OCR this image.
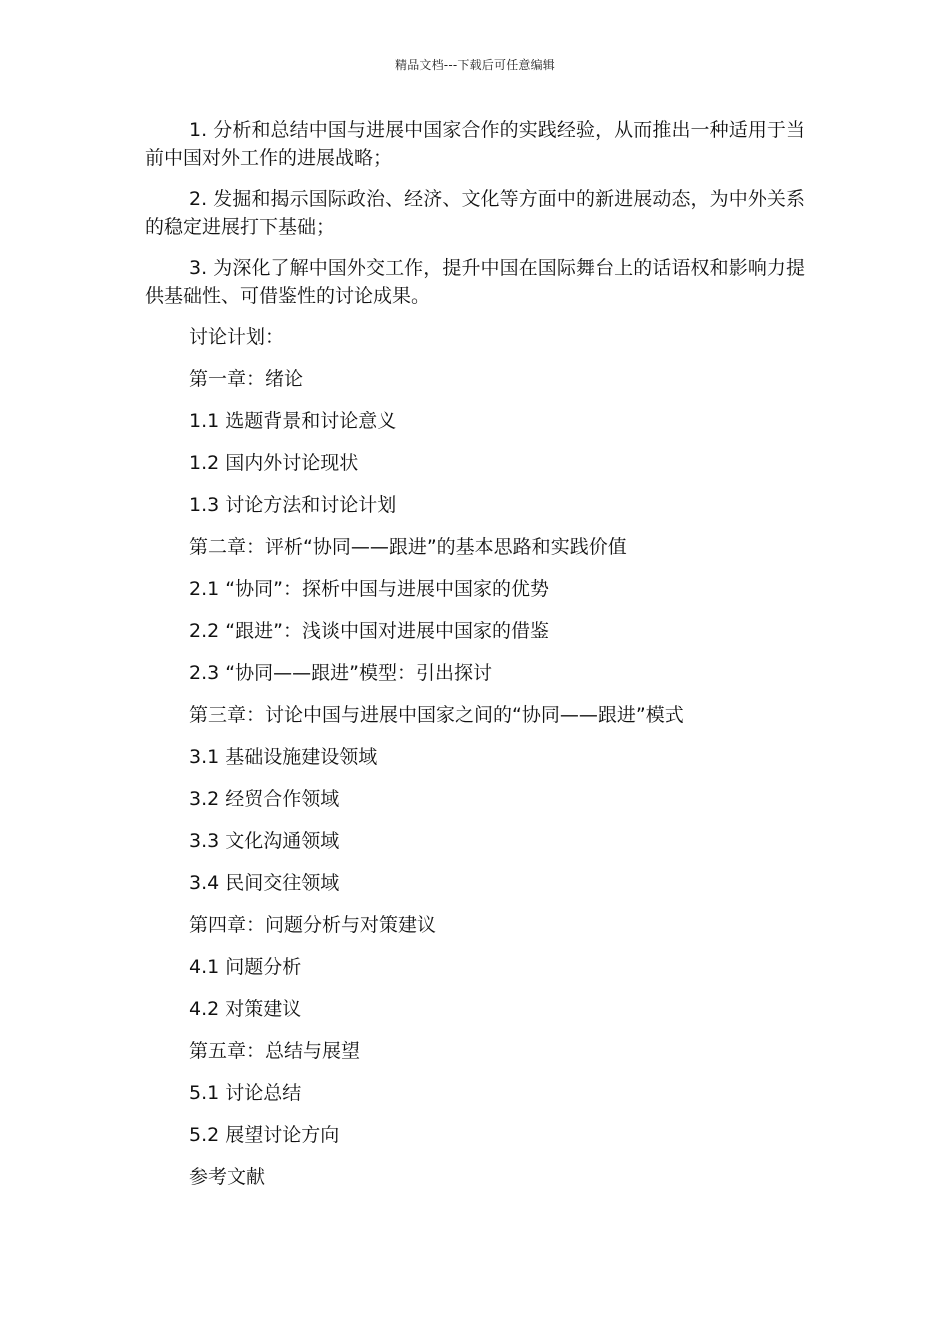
精品文档---下载后可任意编辑

1. 分析和总结中国与进展中国家合作的实践经验，从而推出一种适用于当前中国对外工作的进展战略；

2. 发掘和揭示国际政治、经济、文化等方面中的新进展动态，为中外关系的稳定进展打下基础；

3. 为深化了解中国外交工作，提升中国在国际舞台上的话语权和影响力提供基础性、可借鉴性的讨论成果。

讨论计划：
第一章：绪论
1.1 选题背景和讨论意义
1.2 国内外讨论现状
1.3 讨论方法和讨论计划
第二章：评析“协同——跟进”的基本思路和实践价值
2.1 “协同”：探析中国与进展中国家的优势
2.2 “跟进”：浅谈中国对进展中国家的借鉴
2.3 “协同——跟进”模型：引出探讨
第三章：讨论中国与进展中国家之间的“协同——跟进”模式
3.1 基础设施建设领域
3.2 经贸合作领域
3.3 文化沟通领域
3.4 民间交往领域
第四章：问题分析与对策建议
4.1 问题分析
4.2 对策建议
第五章：总结与展望
5.1 讨论总结
5.2 展望讨论方向
参考文献
